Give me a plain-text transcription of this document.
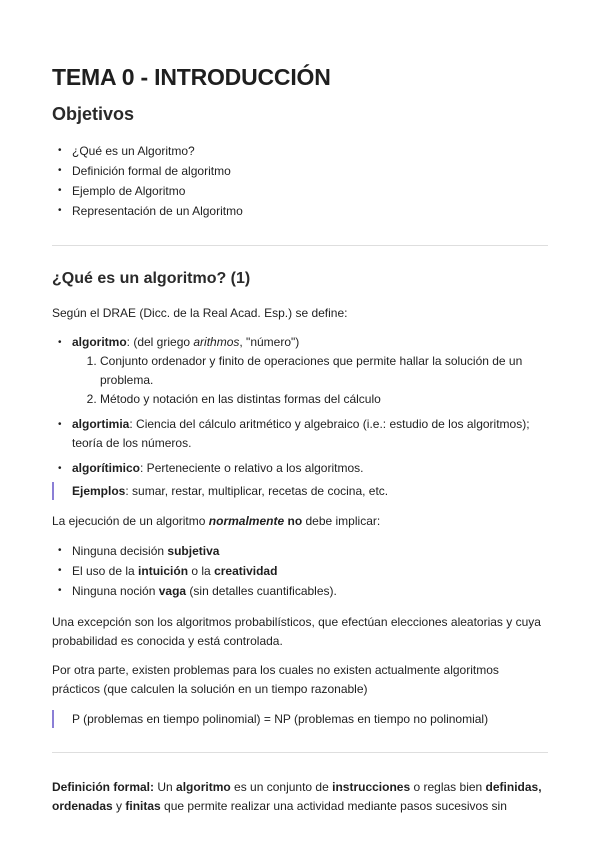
TEMA 0 - INTRODUCCIÓN
Objetivos
• ¿Qué es un Algoritmo?
• Definición formal de algoritmo
• Ejemplo de Algoritmo
• Representación de un Algoritmo
¿Qué es un algoritmo? (1)

Según el DRAE (Dicc. de la Real Acad. Esp.) se define:

• algoritmo: (del griego arithmos, "número")
1. Conjunto ordenador y finito de operaciones que permite hallar la solución de un problema.
2. Método y notación en las distintas formas del cálculo
• algortimia: Ciencia del cálculo aritmético y algebraico (i.e.: estudio de los algoritmos); teoría de los números.
• algorítimico: Perteneciente o relativo a los algoritmos.
Ejemplos: sumar, restar, multiplicar, recetas de cocina, etc.

La ejecución de un algoritmo normalmente no debe implicar:

• Ninguna decisión subjetiva
• El uso de la intuición o la creatividad
• Ninguna noción vaga (sin detalles cuantificables).

Una excepción son los algoritmos probabilísticos, que efectúan elecciones aleatorias y cuya probabilidad es conocida y está controlada.

Por otra parte, existen problemas para los cuales no existen actualmente algoritmos prácticos (que calculen la solución en un tiempo razonable)

P (problemas en tiempo polinomial) = NP (problemas en tiempo no polinomial)

Definición formal: Un algoritmo es un conjunto de instrucciones o reglas bien definidas, ordenadas y finitas que permite realizar una actividad mediante pasos sucesivos sin
